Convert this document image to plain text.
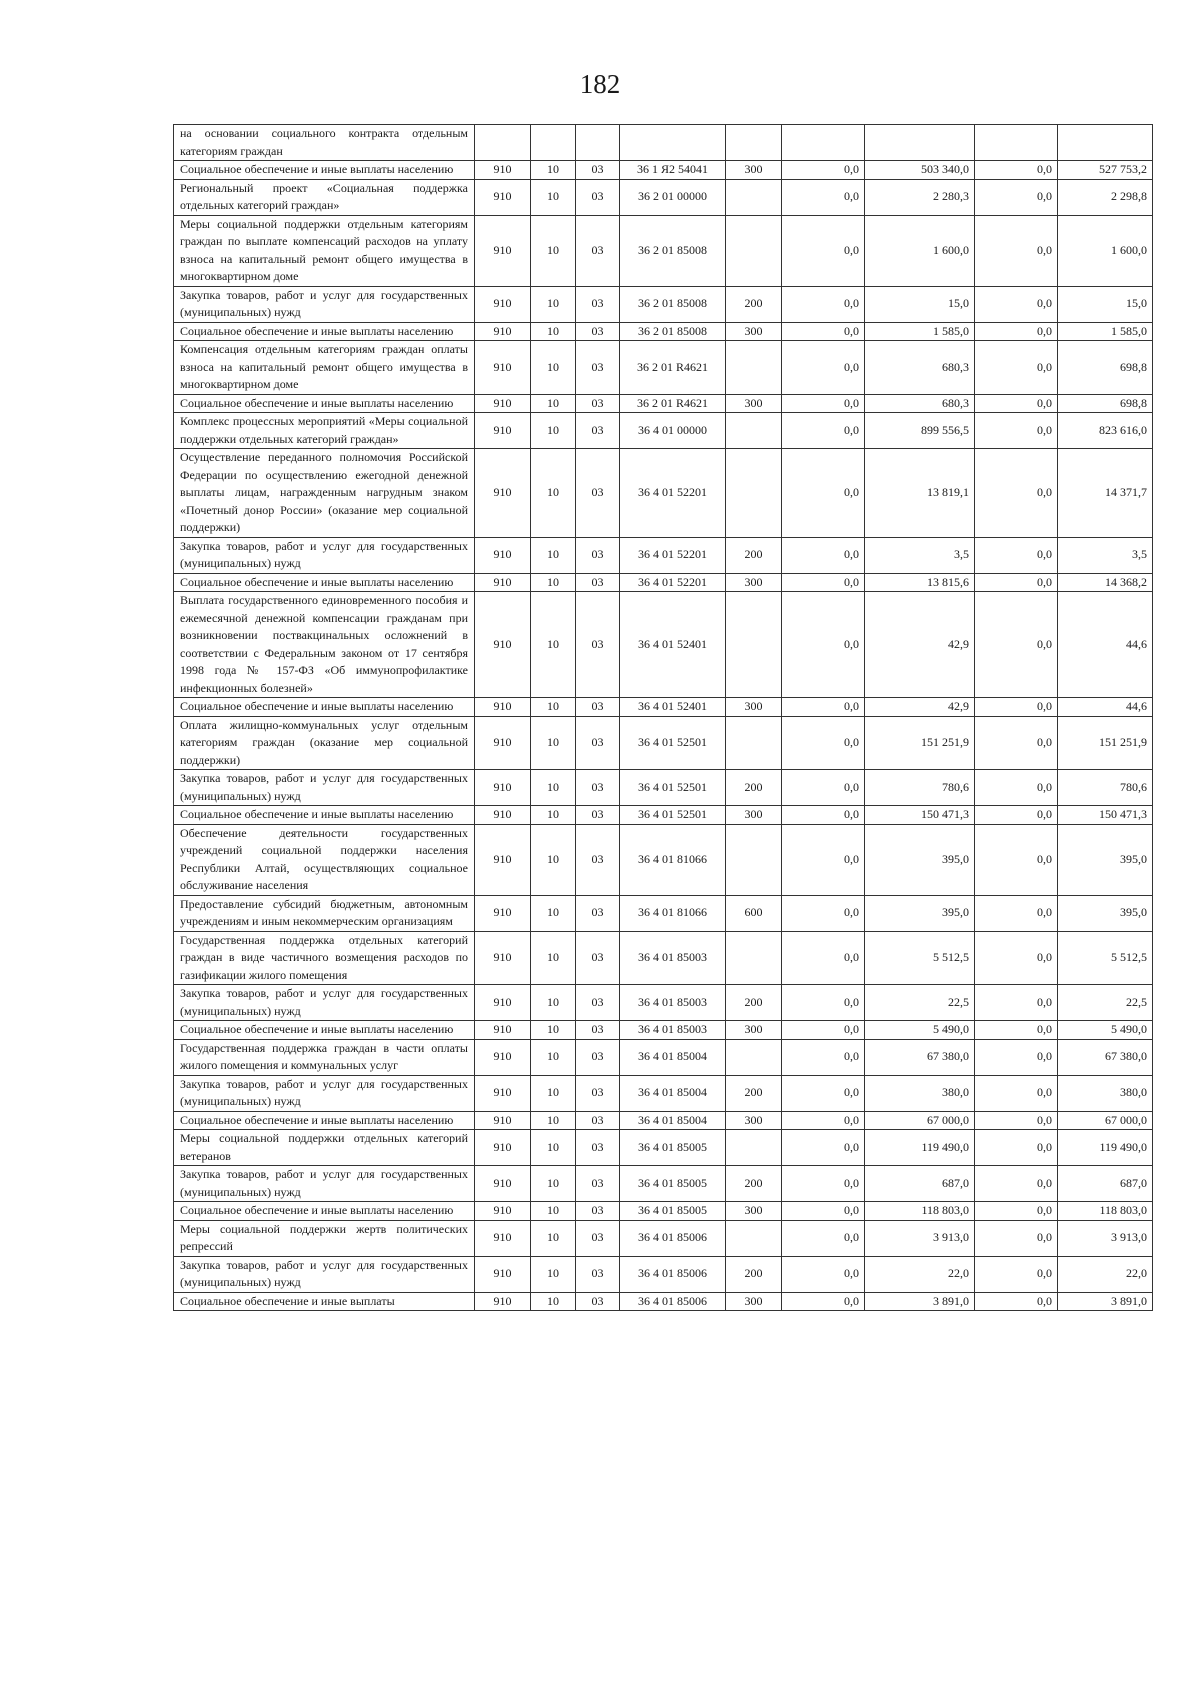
182
на основании социального контракта отдельным категориям граждан									
Социальное обеспечение и иные выплаты населению	910	10	03	36 1 Я2 54041	300	0,0	503 340,0	0,0	527 753,2
Региональный проект «Социальная поддержка отдельных категорий граждан»	910	10	03	36 2 01 00000		0,0	2 280,3	0,0	2 298,8
Меры социальной поддержки отдельным категориям граждан по выплате компенсаций расходов на уплату взноса на капитальный ремонт общего имущества в многоквартирном доме	910	10	03	36 2 01 85008		0,0	1 600,0	0,0	1 600,0
Закупка товаров, работ и услуг для государственных (муниципальных) нужд	910	10	03	36 2 01 85008	200	0,0	15,0	0,0	15,0
Социальное обеспечение и иные выплаты населению	910	10	03	36 2 01 85008	300	0,0	1 585,0	0,0	1 585,0
Компенсация отдельным категориям граждан оплаты взноса на капитальный ремонт общего имущества в многоквартирном доме	910	10	03	36 2 01 R4621		0,0	680,3	0,0	698,8
Социальное обеспечение и иные выплаты населению	910	10	03	36 2 01 R4621	300	0,0	680,3	0,0	698,8
Комплекс процессных мероприятий «Меры социальной поддержки отдельных категорий граждан»	910	10	03	36 4 01 00000		0,0	899 556,5	0,0	823 616,0
Осуществление переданного полномочия Российской Федерации по осуществлению ежегодной денежной выплаты лицам, награжденным нагрудным знаком «Почетный донор России» (оказание мер социальной поддержки)	910	10	03	36 4 01 52201		0,0	13 819,1	0,0	14 371,7
Закупка товаров, работ и услуг для государственных (муниципальных) нужд	910	10	03	36 4 01 52201	200	0,0	3,5	0,0	3,5
Социальное обеспечение и иные выплаты населению	910	10	03	36 4 01 52201	300	0,0	13 815,6	0,0	14 368,2
Выплата государственного единовременного пособия и ежемесячной денежной компенсации гражданам при возникновении поствакцинальных осложнений в соответствии с Федеральным законом от 17 сентября 1998 года № 157-ФЗ «Об иммунопрофилактике инфекционных болезней»	910	10	03	36 4 01 52401		0,0	42,9	0,0	44,6
Социальное обеспечение и иные выплаты населению	910	10	03	36 4 01 52401	300	0,0	42,9	0,0	44,6
Оплата жилищно-коммунальных услуг отдельным категориям граждан (оказание мер социальной поддержки)	910	10	03	36 4 01 52501		0,0	151 251,9	0,0	151 251,9
Закупка товаров, работ и услуг для государственных (муниципальных) нужд	910	10	03	36 4 01 52501	200	0,0	780,6	0,0	780,6
Социальное обеспечение и иные выплаты населению	910	10	03	36 4 01 52501	300	0,0	150 471,3	0,0	150 471,3
Обеспечение деятельности государственных учреждений социальной поддержки населения Республики Алтай, осуществляющих социальное обслуживание населения	910	10	03	36 4 01 81066		0,0	395,0	0,0	395,0
Предоставление субсидий бюджетным, автономным учреждениям и иным некоммерческим организациям	910	10	03	36 4 01 81066	600	0,0	395,0	0,0	395,0
Государственная поддержка отдельных категорий граждан в виде частичного возмещения расходов по газификации жилого помещения	910	10	03	36 4 01 85003		0,0	5 512,5	0,0	5 512,5
Закупка товаров, работ и услуг для государственных (муниципальных) нужд	910	10	03	36 4 01 85003	200	0,0	22,5	0,0	22,5
Социальное обеспечение и иные выплаты населению	910	10	03	36 4 01 85003	300	0,0	5 490,0	0,0	5 490,0
Государственная поддержка граждан в части оплаты жилого помещения и коммунальных услуг	910	10	03	36 4 01 85004		0,0	67 380,0	0,0	67 380,0
Закупка товаров, работ и услуг для государственных (муниципальных) нужд	910	10	03	36 4 01 85004	200	0,0	380,0	0,0	380,0
Социальное обеспечение и иные выплаты населению	910	10	03	36 4 01 85004	300	0,0	67 000,0	0,0	67 000,0
Меры социальной поддержки отдельных категорий ветеранов	910	10	03	36 4 01 85005		0,0	119 490,0	0,0	119 490,0
Закупка товаров, работ и услуг для государственных (муниципальных) нужд	910	10	03	36 4 01 85005	200	0,0	687,0	0,0	687,0
Социальное обеспечение и иные выплаты населению	910	10	03	36 4 01 85005	300	0,0	118 803,0	0,0	118 803,0
Меры социальной поддержки жертв политических репрессий	910	10	03	36 4 01 85006		0,0	3 913,0	0,0	3 913,0
Закупка товаров, работ и услуг для государственных (муниципальных) нужд	910	10	03	36 4 01 85006	200	0,0	22,0	0,0	22,0
Социальное обеспечение и иные выплаты	910	10	03	36 4 01 85006	300	0,0	3 891,0	0,0	3 891,0
